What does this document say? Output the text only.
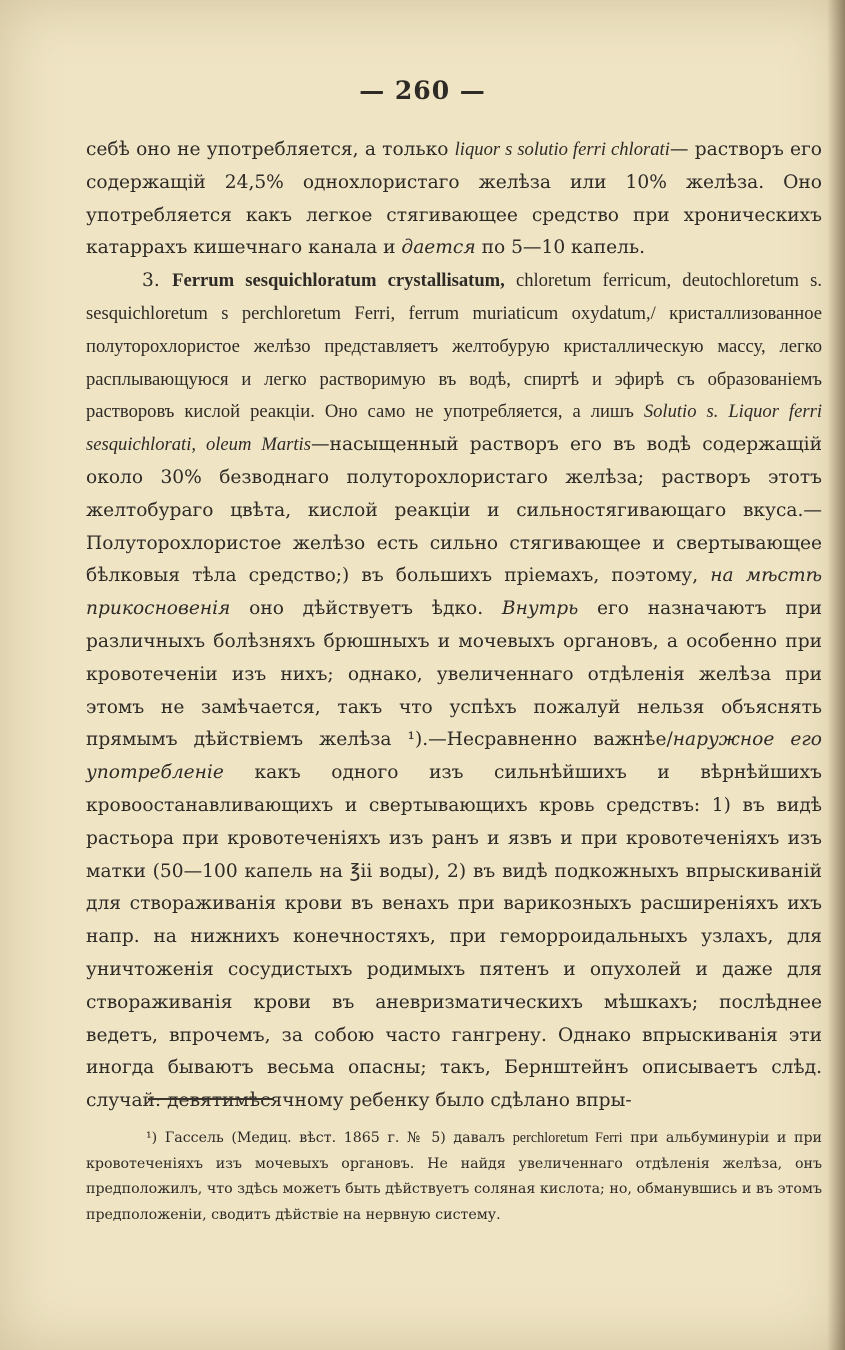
— 260 —

себѣ оно не употребляется, а только liquor s solutio ferri chlorati— растворъ его содержащій 24,5% однохлористаго желѣза или 10% желѣза. Оно употребляется какъ легкое стягивающее средство при хроническихъ катаррахъ кишечнаго канала и дается по 5—10 капель.

3. Ferrum sesquichloratum crystallisatum, chloretum ferricum, deutochloretum s. sesquichloretum s perchloretum Ferri, ferrum muriaticum oxydatum,/ кристаллизованное полуторохлористое желѣзо представляетъ желтобурую кристаллическую массу, легко расплывающуюся и легко растворимую въ водѣ, спиртѣ и эфирѣ съ образованіемъ растворовъ кислой реакціи. Оно само не употребляется, а лишъ Solutio s. Liquor ferri sesquichlorati, oleum Martis—насыщенный растворъ его въ водѣ содержащій около 30% безводнаго полуторохлористаго желѣза; растворъ этотъ желтобураго цвѣта, кислой реакціи и сильностягивающаго вкуса.—Полуторохлористое желѣзо есть сильно стягивающее и свертывающее бѣлковыя тѣла средство;) въ большихъ пріемахъ, поэтому, на мѣстѣ прикосновенія оно дѣйствуетъ ѣдко. Внутрь его назначаютъ при различныхъ болѣзняхъ брюшныхъ и мочевыхъ органовъ, а особенно при кровотеченіи изъ нихъ; однако, увеличеннаго отдѣленія желѣза при этомъ не замѣчается, такъ что успѣхъ пожалуй нельзя объяснять прямымъ дѣйствіемъ желѣза ¹).—Несравненно важнѣе/наружное его употребленіе какъ одного изъ сильнѣйшихъ и вѣрнѣйшихъ кровоостанавливающихъ и свертывающихъ кровь средствъ: 1) въ видѣ растьора при кровотеченіяхъ изъ ранъ и язвъ и при кровотеченіяхъ изъ матки (50—100 капель на ℥ii воды), 2) въ видѣ подкожныхъ впрыскиваній для створаживанія крови въ венахъ при варикозныхъ расширеніяхъ ихъ напр. на нижнихъ конечностяхъ, при геморроидальныхъ узлахъ, для уничтоженія сосудистыхъ родимыхъ пятенъ и опухолей и даже для створаживанія крови въ аневризматическихъ мѣшкахъ; послѣднее ведетъ, впрочемъ, за собою часто гангрену. Однако впрыскиванія эти иногда бываютъ весьма опасны; такъ, Бернштейнъ описываетъ слѣд. случай: девятимѣсячному ребенку было сдѣлано впры-

¹) Гассель (Медиц. вѣст. 1865 г. № 5) давалъ perchloretum Ferri при альбуминуріи и при кровотеченіяхъ изъ мочевыхъ органовъ. Не найдя увеличеннаго отдѣленія желѣза, онъ предположилъ, что здѣсь можетъ быть дѣйствуетъ соляная кислота; но, обманувшись и въ этомъ предположеніи, сводитъ дѣйствіе на нервную систему.
